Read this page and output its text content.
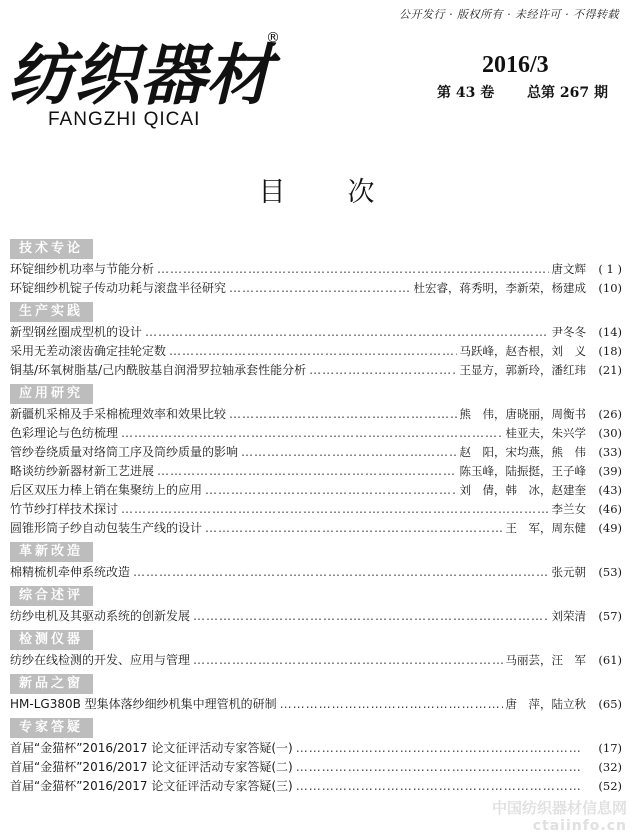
公开发行 · 版权所有 · 未经许可 · 不得转载
纺织器材
®
FANGZHI QICAI
2016/3
第 43 卷 总第 267 期
目次
技术专论
环锭细纱机功率与节能分析 ……………………………………………………………………………………………………………………………………………………………………………………………………	唐文辉	( 1 )
环锭细纱机锭子传动功耗与滚盘半径研究 ……………………………………………………………………………………………………………………………………………………………………………………………………	杜宏睿，蒋秀明，李新荣，杨建成	(10)
生产实践
新型钢丝圈成型机的设计 ……………………………………………………………………………………………………………………………………………………………………………………………………	尹冬冬	(14)
采用无差动滚齿确定挂轮定数 ……………………………………………………………………………………………………………………………………………………………………………………………………	马跃峰，赵杏根，刘　义	(18)
铜基/环氧树脂基/己内酰胺基自润滑罗拉轴承套性能分析 ……………………………………………………………………………………………………………………………………………………………………………………………………	王显方，郭新玲，潘红玮	(21)
应用研究
新疆机采棉及手采棉梳理效率和效果比较 ……………………………………………………………………………………………………………………………………………………………………………………………………	熊　伟，唐晓丽，周衡书	(26)
色彩理论与色纺梳理 ……………………………………………………………………………………………………………………………………………………………………………………………………	桂亚夫，朱兴学	(30)
管纱卷绕质量对络筒工序及筒纱质量的影响 ……………………………………………………………………………………………………………………………………………………………………………………………………	赵　阳，宋均燕，熊　伟	(33)
略谈纺纱新器材新工艺进展 ……………………………………………………………………………………………………………………………………………………………………………………………………	陈玉峰，陆振挺，王子峰	(39)
后区双压力棒上销在集聚纺上的应用 ……………………………………………………………………………………………………………………………………………………………………………………………………	刘　倩，韩　冰，赵建奎	(43)
竹节纱打样技术探讨 ……………………………………………………………………………………………………………………………………………………………………………………………………	李兰女	(46)
圆锥形筒子纱自动包装生产线的设计 ……………………………………………………………………………………………………………………………………………………………………………………………………	王　军，周东健	(49)
革新改造
棉精梳机牵伸系统改造 ……………………………………………………………………………………………………………………………………………………………………………………………………	张元朝	(53)
综合述评
纺纱电机及其驱动系统的创新发展 ……………………………………………………………………………………………………………………………………………………………………………………………………	刘荣清	(57)
检测仪器
纺纱在线检测的开发、应用与管理 ……………………………………………………………………………………………………………………………………………………………………………………………………	马丽芸，汪　军	(61)
新品之窗
HM-LG380B 型集体落纱细纱机集中理管机的研制 ……………………………………………………………………………………………………………………………………………………………………………………………………	唐　萍，陆立秋	(65)
专家答疑
首届“金猫杯”2016/2017 论文征评活动专家答疑(一) ……………………………………………………………………………………………………………………………………………………………………………………………………	(17)
首届“金猫杯”2016/2017 论文征评活动专家答疑(二) ……………………………………………………………………………………………………………………………………………………………………………………………………	(32)
首届“金猫杯”2016/2017 论文征评活动专家答疑(三) ……………………………………………………………………………………………………………………………………………………………………………………………………	(52)
中国纺织器材信息网
ctaiinfo.cn
